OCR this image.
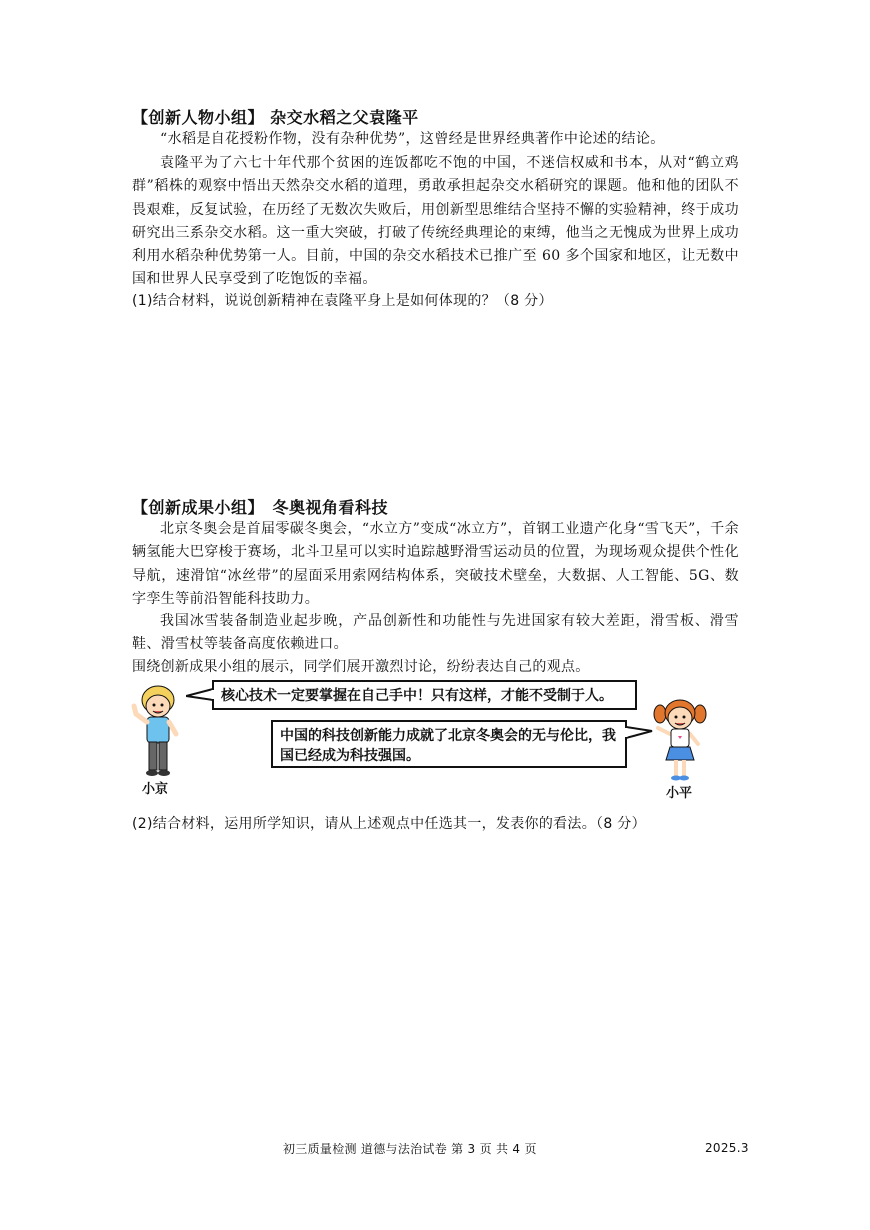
【创新人物小组】 杂交水稻之父袁隆平
“水稻是自花授粉作物，没有杂种优势”，这曾经是世界经典著作中论述的结论。
袁隆平为了六七十年代那个贫困的连饭都吃不饱的中国，不迷信权威和书本，从对“鹤立鸡群”稻株的观察中悟出天然杂交水稻的道理，勇敢承担起杂交水稻研究的课题。他和他的团队不畏艰难，反复试验，在历经了无数次失败后，用创新型思维结合坚持不懈的实验精神，终于成功研究出三系杂交水稻。这一重大突破，打破了传统经典理论的束缚，他当之无愧成为世界上成功利用水稻杂种优势第一人。目前，中国的杂交水稻技术已推广至 60 多个国家和地区，让无数中国和世界人民享受到了吃饱饭的幸福。
(1)结合材料，说说创新精神在袁隆平身上是如何体现的？（8 分）
【创新成果小组】　冬奥视角看科技
北京冬奥会是首届零碳冬奥会，“水立方”变成“冰立方”，首钢工业遗产化身“雪飞天”，千余辆氢能大巴穿梭于赛场，北斗卫星可以实时追踪越野滑雪运动员的位置，为现场观众提供个性化导航，速滑馆“冰丝带”的屋面采用索网结构体系，突破技术壁垒，大数据、人工智能、5G、数字孪生等前沿智能科技助力。
我国冰雪装备制造业起步晚，产品创新性和功能性与先进国家有较大差距，滑雪板、滑雪鞋、滑雪杖等装备高度依赖进口。
围绕创新成果小组的展示，同学们展开激烈讨论，纷纷表达自己的观点。
小京
核心技术一定要掌握在自己手中！只有这样，才能不受制于人。
中国的科技创新能力成就了北京冬奥会的无与伦比，我国已经成为科技强国。
小平
(2)结合材料，运用所学知识，请从上述观点中任选其一，发表你的看法。（8 分）
初三质量检测 道德与法治试卷 第 3 页 共 4 页	2025.3
